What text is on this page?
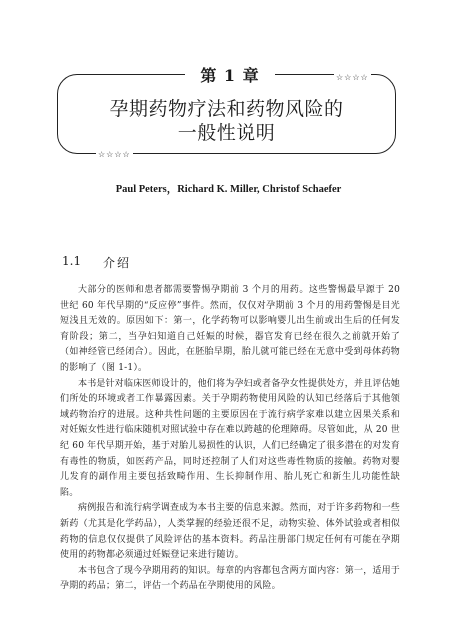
第 1 章	☆☆☆☆
☆☆☆☆
孕期药物疗法和药物风险的
一般性说明
Paul Peters，Richard K. Miller, Christof Schaefer
1.1 介绍

大部分的医师和患者都需要警惕孕期前 3 个月的用药。这些警惕最早源于 20 世纪 60 年代早期的“反应停”事件。然而，仅仅对孕期前 3 个月的用药警惕是目光短浅且无效的。原因如下：第一，化学药物可以影响婴儿出生前或出生后的任何发育阶段；第二，当孕妇知道自己妊娠的时候，器官发育已经在很久之前就开始了（如神经管已经闭合）。因此，在胚胎早期，胎儿就可能已经在无意中受到母体药物的影响了（图 1-1）。

本书是针对临床医师设计的，他们将为孕妇或者备孕女性提供处方，并且评估她们所处的环境或者工作暴露因素。关于孕期药物使用风险的认知已经落后于其他领域药物治疗的进展。这种共性问题的主要原因在于流行病学家难以建立因果关系和对妊娠女性进行临床随机对照试验中存在难以跨越的伦理障碍。尽管如此，从 20 世纪 60 年代早期开始，基于对胎儿易损性的认识，人们已经确定了很多潜在的对发育有毒性的物质，如医药产品，同时还控制了人们对这些毒性物质的接触。药物对婴儿发育的副作用主要包括致畸作用、生长抑制作用、胎儿死亡和新生儿功能性缺陷。

病例报告和流行病学调查成为本书主要的信息来源。然而，对于许多药物和一些新药（尤其是化学药品），人类掌握的经验还很不足，动物实验、体外试验或者相似药物的信息仅仅提供了风险评估的基本资料。药品注册部门规定任何有可能在孕期使用的药物都必须通过妊娠登记来进行随访。

本书包含了现今孕期用药的知识。每章的内容都包含两方面内容：第一，适用于孕期的药品；第二，评估一个药品在孕期使用的风险。
